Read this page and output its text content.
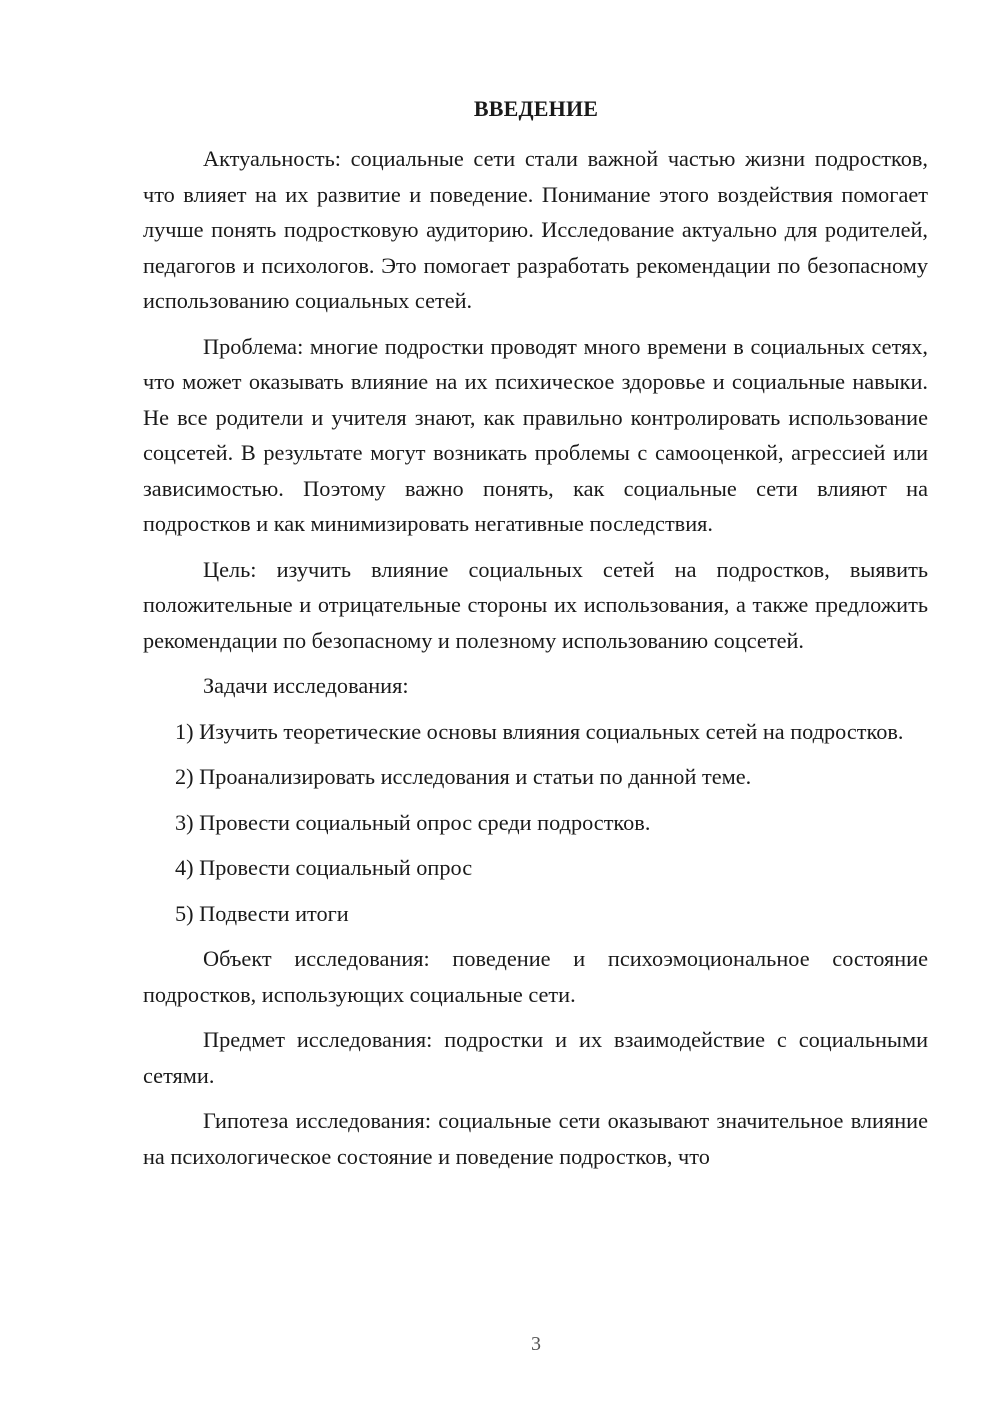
ВВЕДЕНИЕ

Актуальность: социальные сети стали важной частью жизни подростков, что влияет на их развитие и поведение. Понимание этого воздействия помогает лучше понять подростковую аудиторию. Исследование актуально для родителей, педагогов и психологов. Это помогает разработать рекомендации по безопасному использованию социальных сетей.

Проблема: многие подростки проводят много времени в социальных сетях, что может оказывать влияние на их психическое здоровье и социальные навыки. Не все родители и учителя знают, как правильно контролировать использование соцсетей. В результате могут возникать проблемы с самооценкой, агрессией или зависимостью. Поэтому важно понять, как социальные сети влияют на подростков и как минимизировать негативные последствия.

Цель: изучить влияние социальных сетей на подростков, выявить положительные и отрицательные стороны их использования, а также предложить рекомендации по безопасному и полезному использованию соцсетей.

Задачи исследования:

1) Изучить теоретические основы влияния социальных сетей на подростков.

2) Проанализировать исследования и статьи по данной теме.

3) Провести социальный опрос среди подростков.

4) Провести социальный опрос

5) Подвести итоги

Объект исследования: поведение и психоэмоциональное состояние подростков, использующих социальные сети.

Предмет исследования: подростки и их взаимодействие с социальными сетями.

Гипотеза исследования: социальные сети оказывают значительное влияние на психологическое состояние и поведение подростков, что

3
